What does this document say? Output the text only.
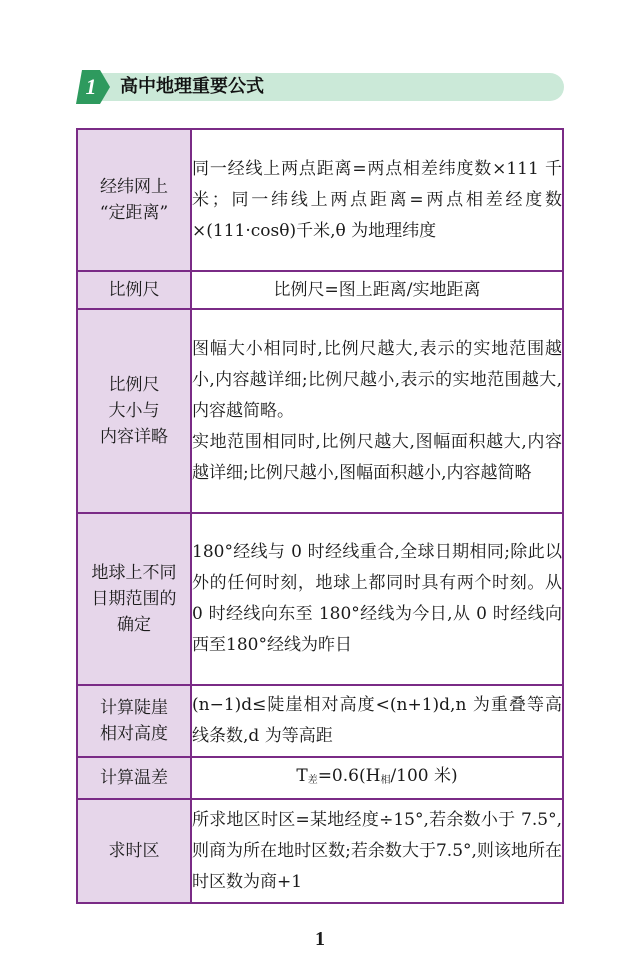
1	高中地理重要公式
经纬网上
“定距离”	同一经线上两点距离=两点相差纬度数×111 千米；同一纬线上两点距离=两点相差经度数×(111·cosθ)千米,θ 为地理纬度
比例尺	比例尺=图上距离/实地距离
比例尺
大小与
内容详略	图幅大小相同时,比例尺越大,表示的实地范围越小,内容越详细;比例尺越小,表示的实地范围越大,内容越简略。
实地范围相同时,比例尺越大,图幅面积越大,内容越详细;比例尺越小,图幅面积越小,内容越简略
地球上不同
日期范围的
确定	180°经线与 0 时经线重合,全球日期相同;除此以外的任何时刻，地球上都同时具有两个时刻。从 0 时经线向东至 180°经线为今日,从 0 时经线向西至180°经线为昨日
计算陡崖
相对高度	(n−1)d≤陡崖相对高度<(n+1)d,n 为重叠等高线条数,d 为等高距
计算温差	$T_差=0.6(H_相/100$ 米)
求时区	所求地区时区=某地经度÷15°,若余数小于 7.5°,则商为所在地时区数;若余数大于7.5°,则该地所在时区数为商+1
1
